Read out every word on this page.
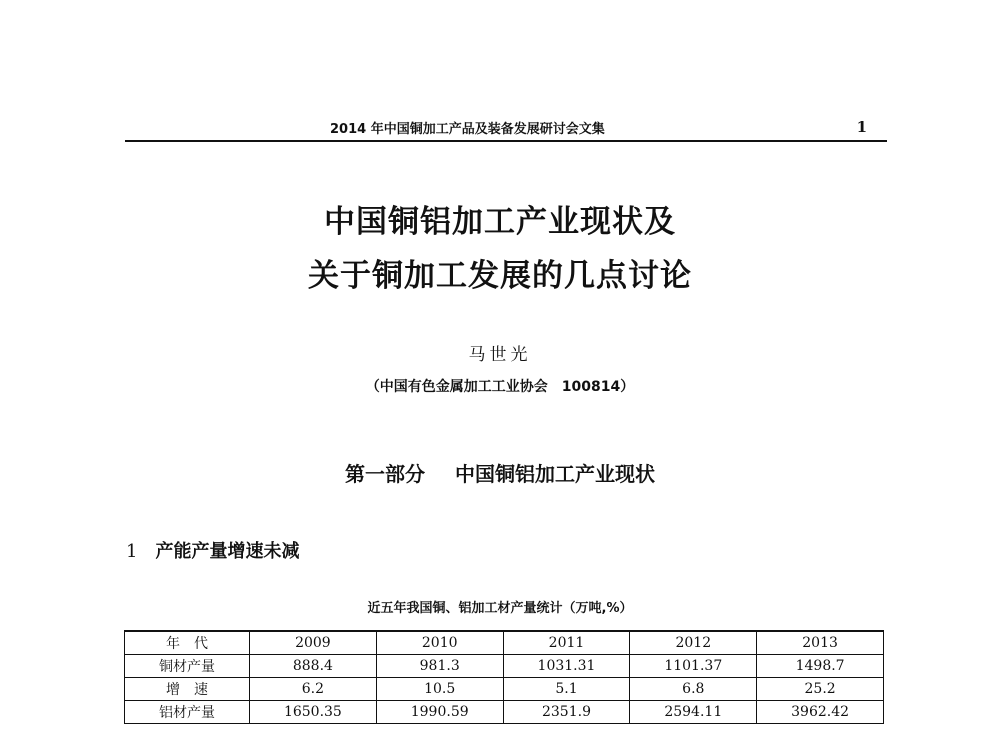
2014 年中国铜加工产品及装备发展研讨会文集	1
中国铜铝加工产业现状及
关于铜加工发展的几点讨论
马世光
（中国有色金属加工工业协会　100814）
第一部分 中国铜铝加工产业现状
1 产能产量增速未减
近五年我国铜、铝加工材产量统计（万吨,%）
年　代	2009	2010	2011	2012	2013
铜材产量	888.4	981.3	1031.31	1101.37	1498.7
增　速	6.2	10.5	5.1	6.8	25.2
铝材产量	1650.35	1990.59	2351.9	2594.11	3962.42
